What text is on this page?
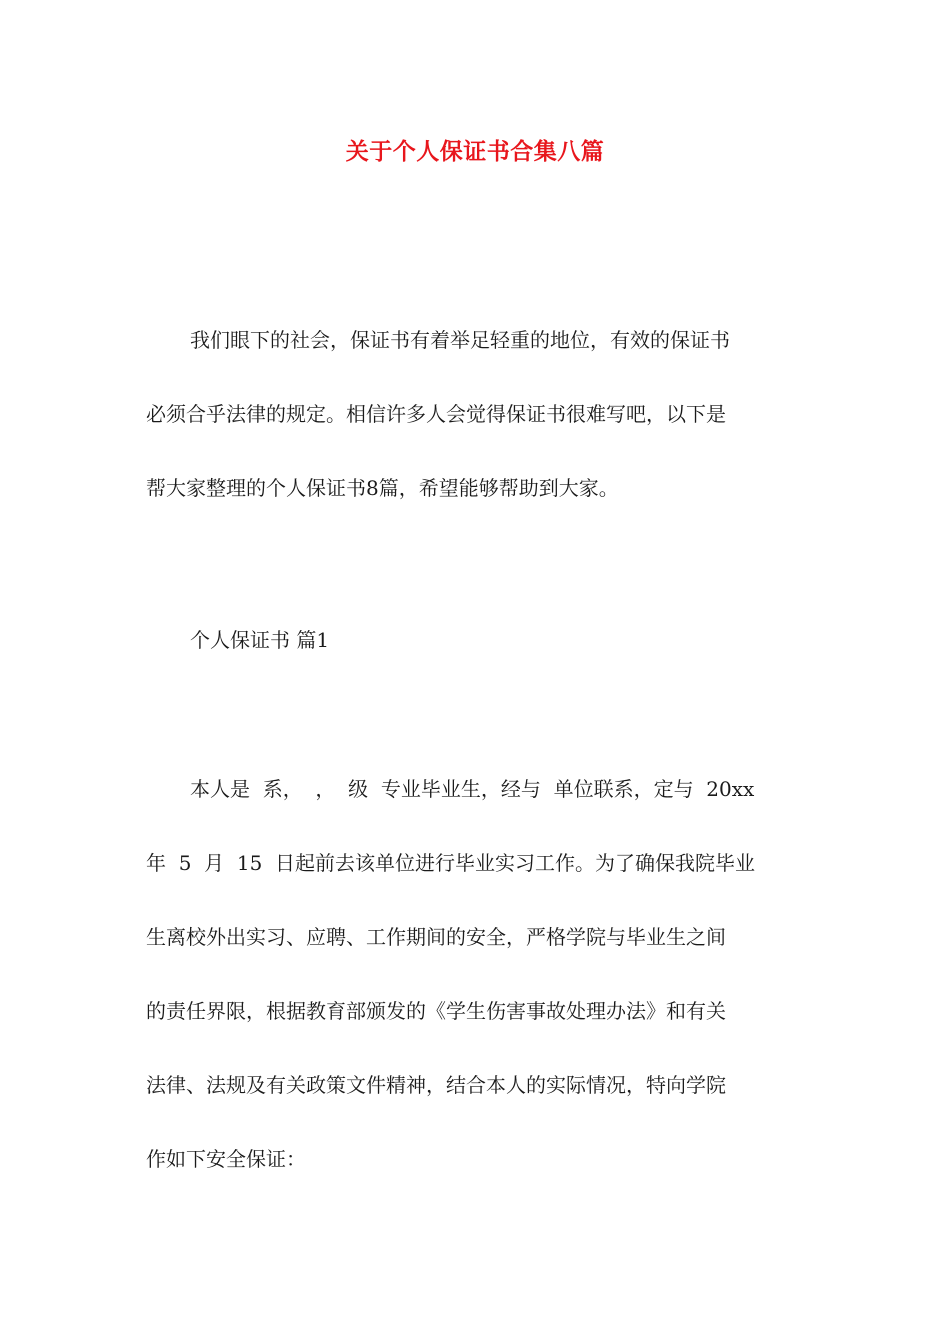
关于个人保证书合集八篇
我们眼下的社会，保证书有着举足轻重的地位，有效的保证书
必须合乎法律的规定。相信许多人会觉得保证书很难写吧，以下是
帮大家整理的个人保证书8篇，希望能够帮助到大家。
个人保证书 篇1
本人是  系，  ，  级  专业毕业生，经与  单位联系，定与  20xx
年  5  月  15  日起前去该单位进行毕业实习工作。为了确保我院毕业
生离校外出实习、应聘、工作期间的安全，严格学院与毕业生之间
的责任界限，根据教育部颁发的《学生伤害事故处理办法》和有关
法律、法规及有关政策文件精神，结合本人的实际情况，特向学院
作如下安全保证：
